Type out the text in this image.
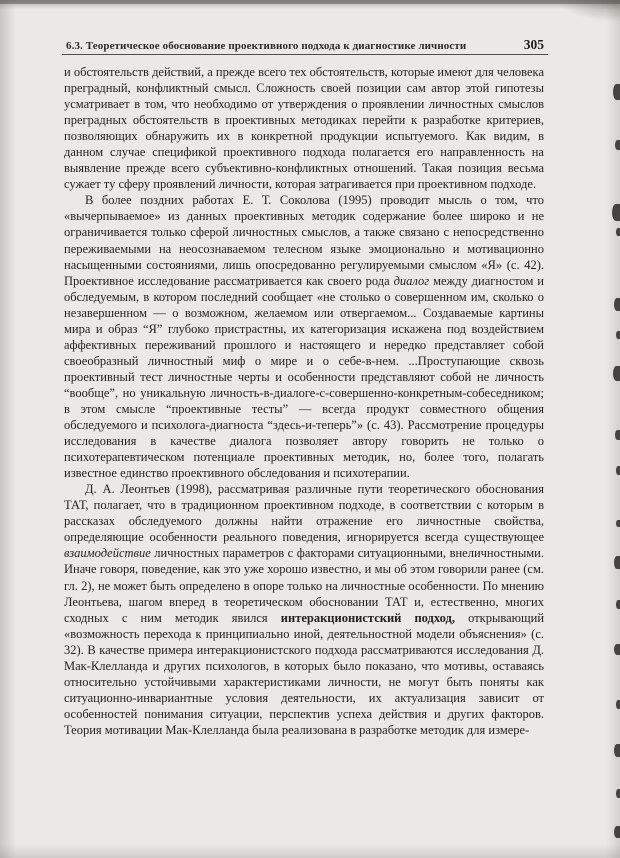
6.3. Теоретическое обоснование проективного подхода к диагностике личности	305

и обстоятельств действий, а прежде всего тех обстоятельств, которые имеют для человека преградный, конфликтный смысл. Сложность своей позиции сам автор этой гипотезы усматривает в том, что необходимо от утверждения о проявлении личностных смыслов преградных обстоятельств в проективных методиках перейти к разработке критериев, позволяющих обнаружить их в конкретной продукции испытуемого. Как видим, в данном случае спецификой проективного подхода полагается его направленность на выявление прежде всего субъективно-конфликтных отношений. Такая позиция весьма сужает ту сферу проявлений личности, которая затрагивается при проективном подходе.

В более поздних работах Е. Т. Соколова (1995) проводит мысль о том, что «вычерпываемое» из данных проективных методик содержание более широко и не ограничивается только сферой личностных смыслов, а также связано с непосредственно переживаемыми на неосознаваемом телесном языке эмоционально и мотивационно насыщенными состояниями, лишь опосредованно регулируемыми смыслом «Я» (с. 42). Проективное исследование рассматривается как своего рода диалог между диагностом и обследуемым, в котором последний сообщает «не столько о совершенном им, сколько о незавершенном — о возможном, желаемом или отвергаемом... Создаваемые картины мира и образ “Я” глубоко пристрастны, их категоризация искажена под воздействием аффективных переживаний прошлого и настоящего и нередко представляет собой своеобразный личностный миф о мире и о себе-в-нем. ...Проступающие сквозь проективный тест личностные черты и особенности представляют собой не личность “вообще”, но уникальную личность-в-диалоге-с-совершенно-конкретным-собеседником; в этом смысле “проективные тесты” — всегда продукт совместного общения обследуемого и психолога-диагноста “здесь-и-теперь”» (с. 43). Рассмотрение процедуры исследования в качестве диалога позволяет автору говорить не только о психотерапевтическом потенциале проективных методик, но, более того, полагать известное единство проективного обследования и психотерапии.

Д. А. Леонтьев (1998), рассматривая различные пути теоретического обоснования ТАТ, полагает, что в традиционном проективном подходе, в соответствии с которым в рассказах обследуемого должны найти отражение его личностные свойства, определяющие особенности реального поведения, игнорируется всегда существующее взаимодействие личностных параметров с факторами ситуационными, внеличностными. Иначе говоря, поведение, как это уже хорошо известно, и мы об этом говорили ранее (см. гл. 2), не может быть определено в опоре только на личностные особенности. По мнению Леонтьева, шагом вперед в теоретическом обосновании ТАТ и, естественно, многих сходных с ним методик явился интеракционистский подход, открывающий «возможность перехода к принципиально иной, деятельностной модели объяснения» (с. 32). В качестве примера интеракционистского подхода рассматриваются исследования Д. Мак-Клелланда и других психологов, в которых было показано, что мотивы, оставаясь относительно устойчивыми характеристиками личности, не могут быть поняты как ситуационно-инвариантные условия деятельности, их актуализация зависит от особенностей понимания ситуации, перспектив успеха действия и других факторов. Теория мотивации Мак-Клелланда была реализована в разработке методик для измере-
